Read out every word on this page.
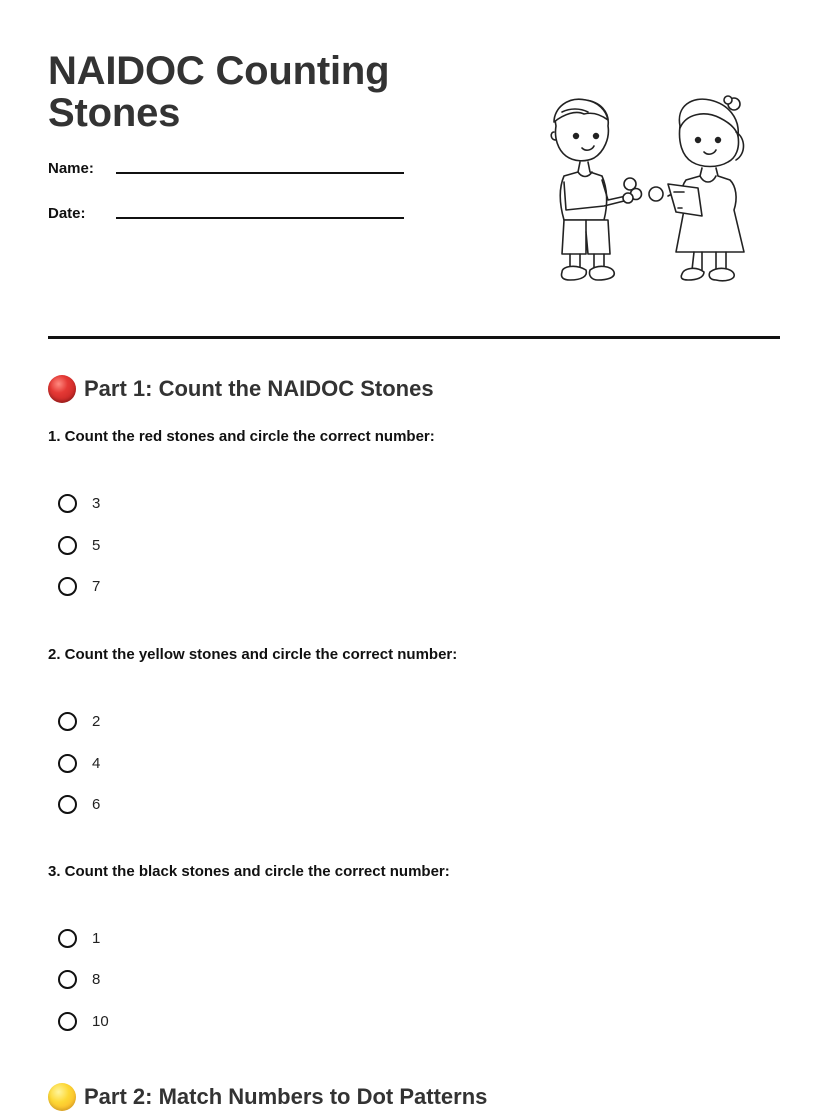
NAIDOC Counting Stones
Name:
Date:
Part 1: Count the NAIDOC Stones
1. Count the red stones and circle the correct number:
3
5
7
2. Count the yellow stones and circle the correct number:
2
4
6
3. Count the black stones and circle the correct number:
1
8
10
Part 2: Match Numbers to Dot Patterns
